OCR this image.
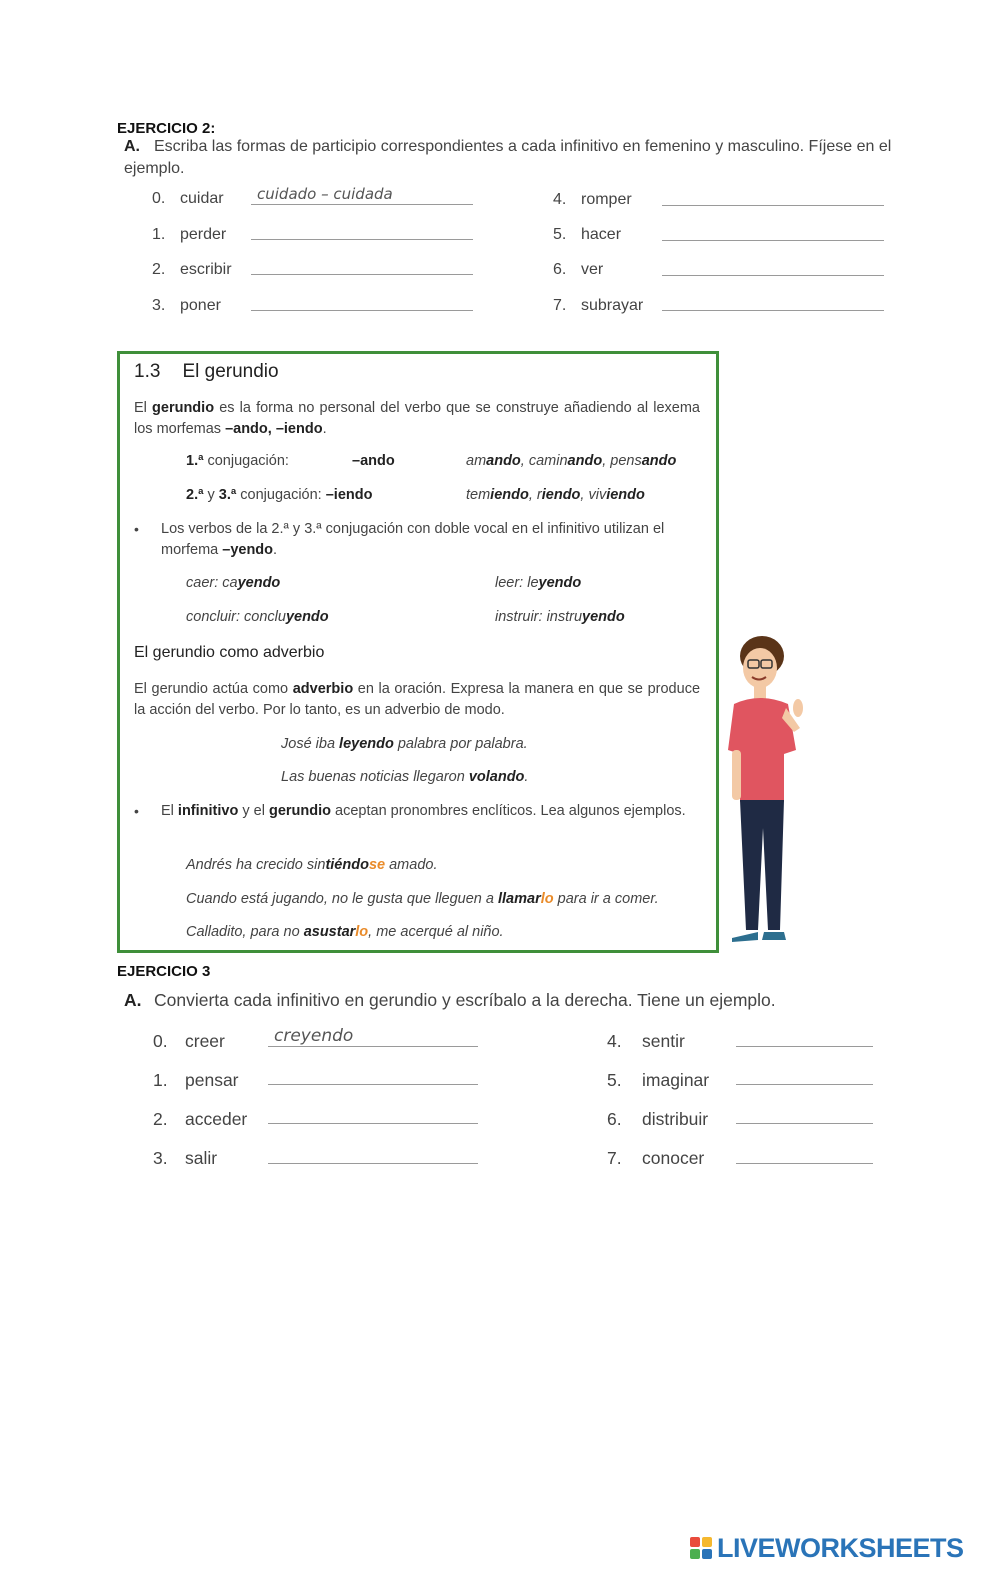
EJERCICIO 2:
A. Escriba las formas de participio correspondientes a cada infinitivo en femenino y masculino. Fíjese en el ejemplo.
0. cuidar
cuidado – cuidada
1. perder
2. escribir
3. poner
4. romper
5. hacer
6. ver
7. subrayar
1.3 El gerundio
El gerundio es la forma no personal del verbo que se construye añadiendo al lexema los morfemas –ando, –iendo.
1.ª conjugación:	–ando	amando, caminando, pensando
2.ª y 3.ª conjugación: –iendo	temiendo, riendo, viviendo
• Los verbos de la 2.ª y 3.ª conjugación con doble vocal en el infinitivo utilizan el morfema –yendo.
caer: cayendo	leer: leyendo
concluir: concluyendo	instruir: instruyendo
El gerundio como adverbio
El gerundio actúa como adverbio en la oración. Expresa la manera en que se produce la acción del verbo. Por lo tanto, es un adverbio de modo.
José iba leyendo palabra por palabra.
Las buenas noticias llegaron volando.
• El infinitivo y el gerundio aceptan pronombres enclíticos. Lea algunos ejemplos.
Andrés ha crecido sintiéndose amado.
Cuando está jugando, no le gusta que lleguen a llamarlo para ir a comer.
Calladito, para no asustarlo, me acerqué al niño.
EJERCICIO 3
A. Convierta cada infinitivo en gerundio y escríbalo a la derecha. Tiene un ejemplo.
0. creer
creyendo
1. pensar
2. acceder
3. salir
4. sentir
5. imaginar
6. distribuir
7. conocer
LIVEWORKSHEETS
